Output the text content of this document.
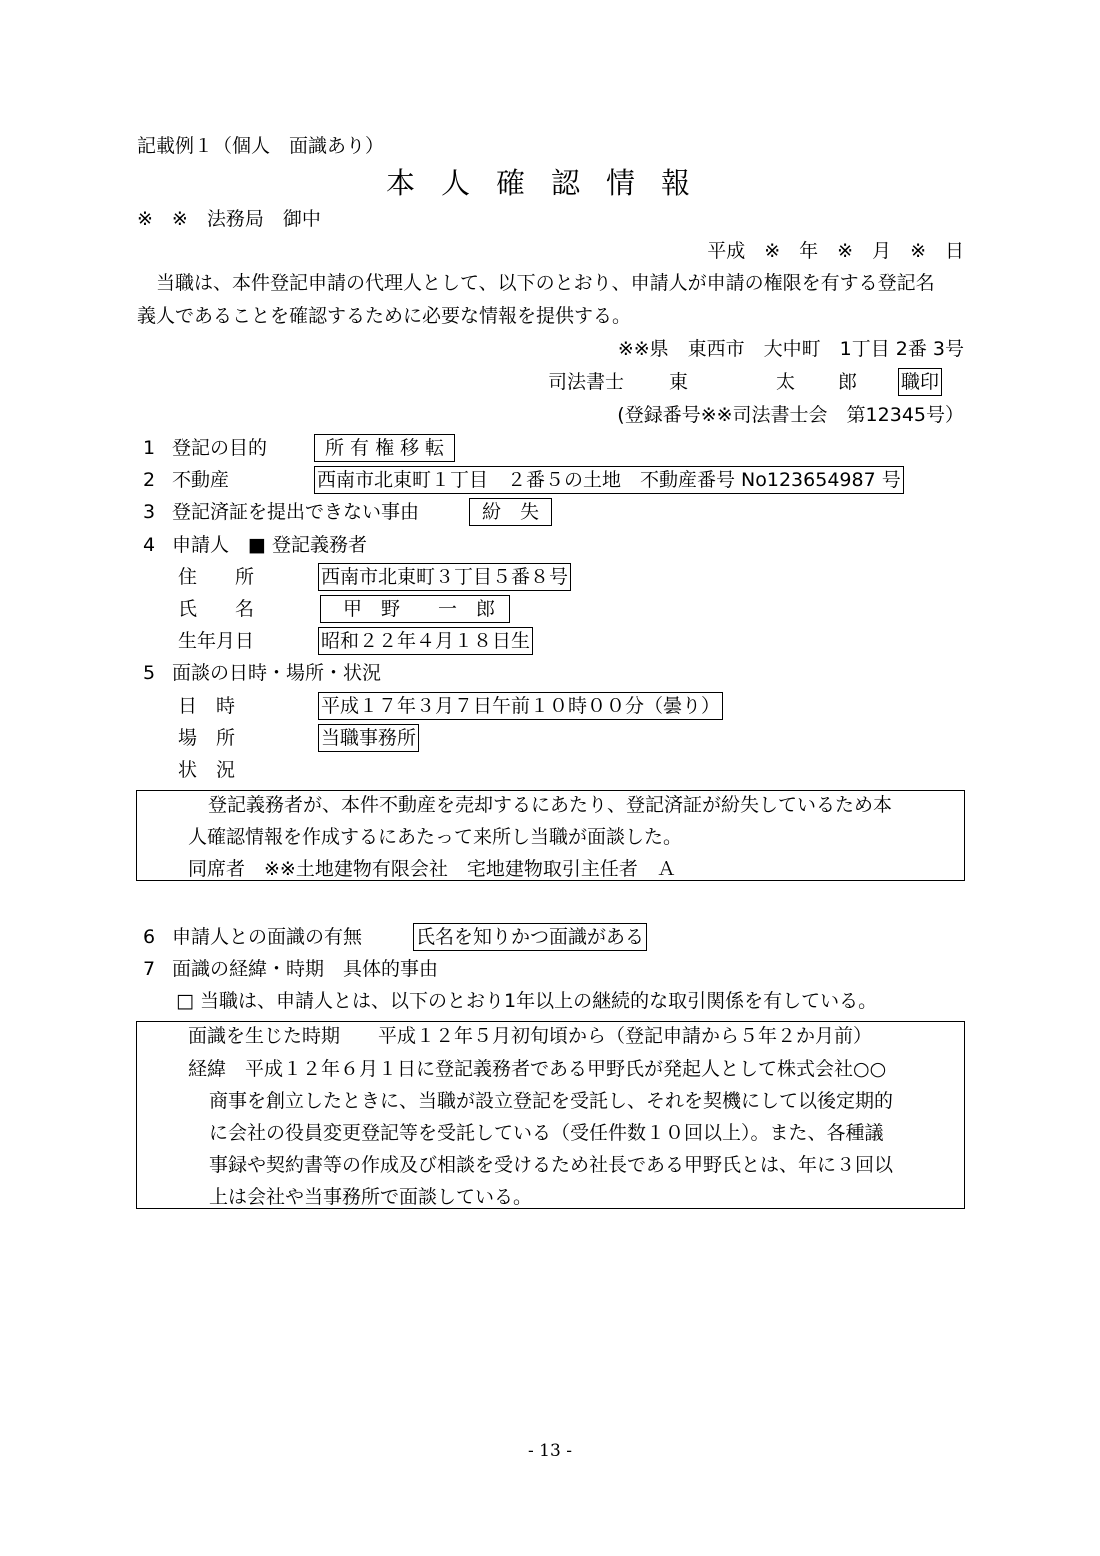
記載例１（個人　面識あり）
本人確認情報
※　※　法務局　御中
平成　※　年　※　月　※　日
当職は、本件登記申請の代理人として、以下のとおり、申請人が申請の権限を有する登記名
義人であることを確認するために必要な情報を提供する。
※※県　東西市　大中町　1丁目 2番 3号
司法書士 東	太 郎 職印
(登録番号※※司法書士会　第12345号）
1 登記の目的	所 有 権 移 転
2 不動産	西南市北東町１丁目　２番５の土地　不動産番号 No123654987 号
3 登記済証を提出できない事由	紛　失
4 申請人　■ 登記義務者
住　　所	西南市北東町３丁目５番８号
氏　　名	甲　野　　一　郎
生年月日	昭和２２年４月１８日生
5 面談の日時・場所・状況
日　時	平成１７年３月７日午前１０時００分（曇り）
場　所	当職事務所
状　況
登記義務者が、本件不動産を売却するにあたり、登記済証が紛失しているため本
人確認情報を作成するにあたって来所し当職が面談した。
同席者　※※土地建物有限会社　宅地建物取引主任者　Ａ
6 申請人との面識の有無	氏名を知りかつ面識がある
7 面識の経緯・時期　具体的事由
□ 当職は、申請人とは、以下のとおり1年以上の継続的な取引関係を有している。
面識を生じた時期　　平成１２年５月初旬頃から（登記申請から５年２か月前）
経緯　平成１２年６月１日に登記義務者である甲野氏が発起人として株式会社○○
商事を創立したときに、当職が設立登記を受託し、それを契機にして以後定期的
に会社の役員変更登記等を受託している（受任件数１０回以上）。また、各種議
事録や契約書等の作成及び相談を受けるため社長である甲野氏とは、年に３回以
上は会社や当事務所で面談している。
- 13 -
